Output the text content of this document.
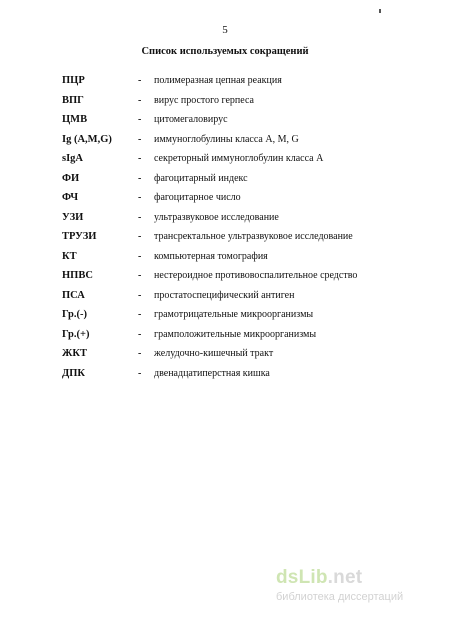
5
Список используемых сокращений
ПЦР	- полимеразная цепная реакция
ВПГ	- вирус простого герпеса
ЦМВ	- цитомегаловирус
Ig (A,M,G)	- иммуноглобулины класса A, M, G
sIgA	- секреторный иммуноглобулин класса A
ФИ	- фагоцитарный индекс
ФЧ	- фагоцитарное число
УЗИ	- ультразвуковое исследование
ТРУЗИ	- трансректальное ультразвуковое исследование
КТ	- компьютерная томография
НПВС	- нестероидное противовоспалительное средство
ПСА	- простатоспецифический антиген
Гр.(-)	- грамотрицательные микроорганизмы
Гр.(+)	- грамположительные микроорганизмы
ЖКТ	- желудочно-кишечный тракт
ДПК	- двенадцатиперстная кишка
dsLib.net
библиотека диссертаций
